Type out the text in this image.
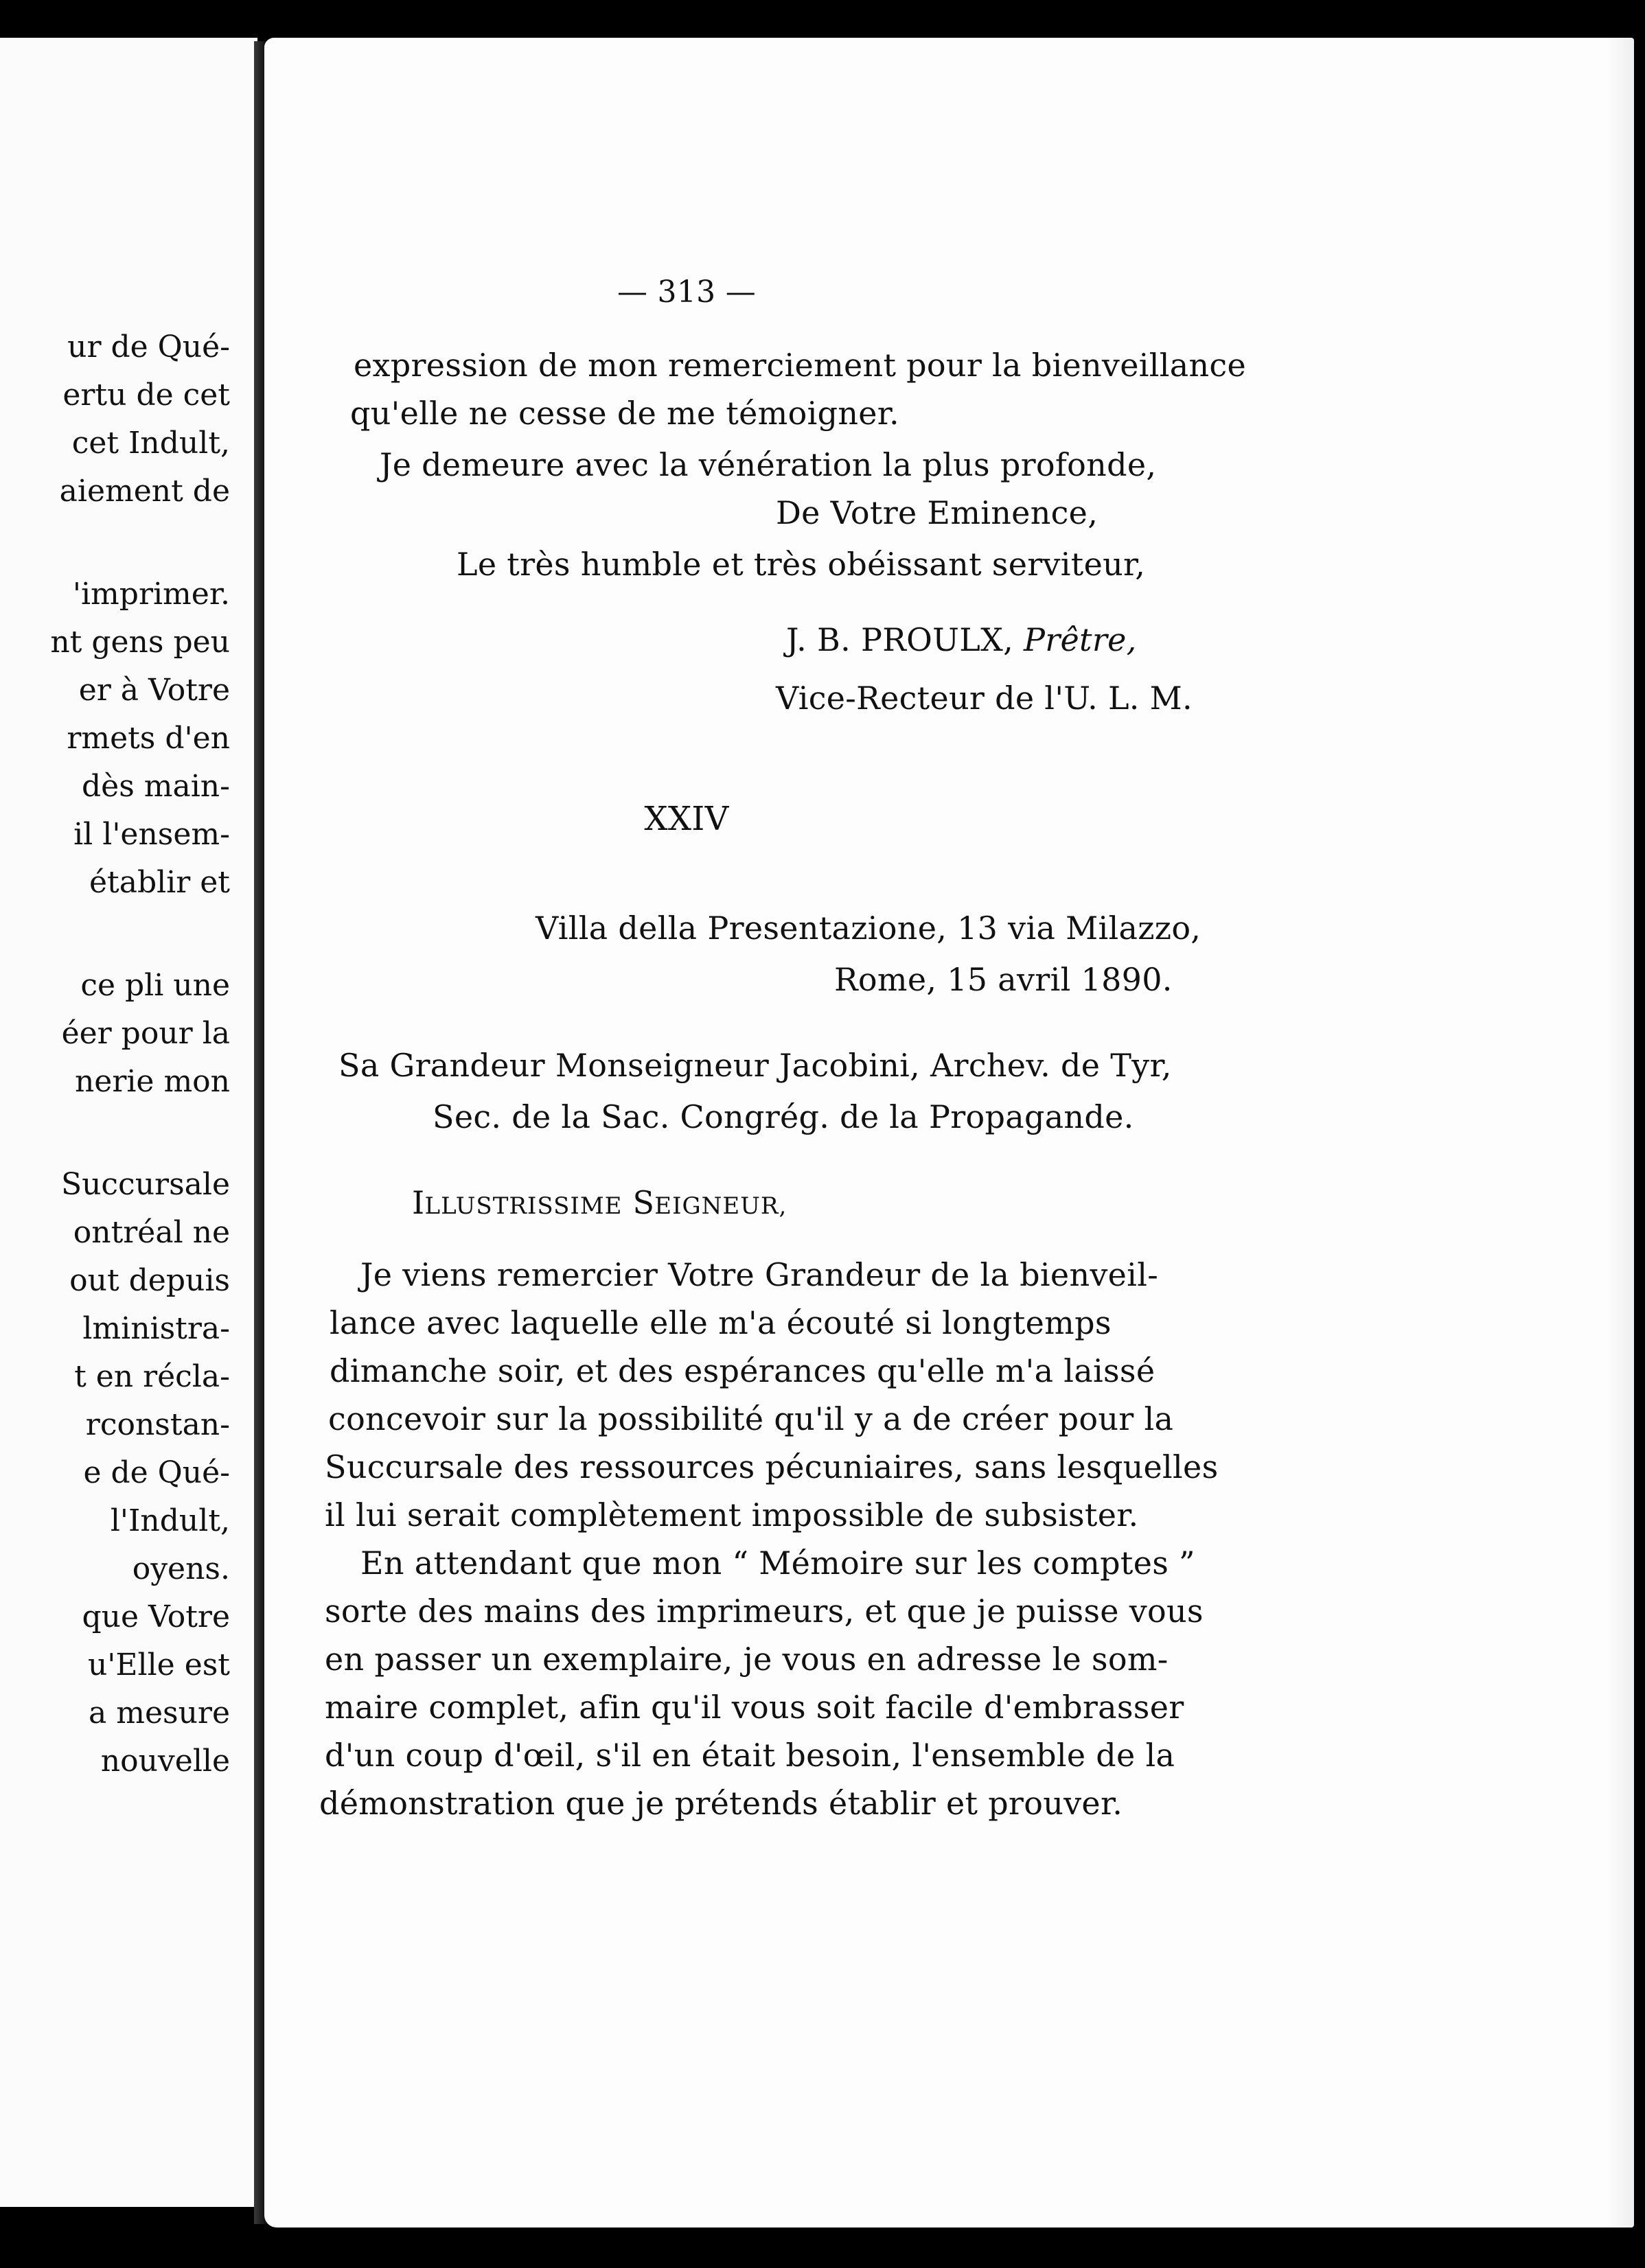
ur de Qué-
ertu de cet
cet Indult,
aiement de
'imprimer.
nt gens peu
er à Votre
rmets d'en
dès main-
il l'ensem-
établir et
ce pli une
éer pour la
nerie mon
Succursale
ontréal ne
out depuis
lministra-
t en récla-
rconstan-
e de Qué-
l'Indult,
oyens.
que Votre
u'Elle est
a mesure
nouvelle
— 313 —
expression de mon remerciement pour la bienveillance
qu'elle ne cesse de me témoigner.
Je demeure avec la vénération la plus profonde,
De Votre Eminence,
Le très humble et très obéissant serviteur,
J. B. PROULX, Prêtre,
Vice-Recteur de l'U. L. M.
XXIV
Villa della Presentazione, 13 via Milazzo,
Rome, 15 avril 1890.
Sa Grandeur Monseigneur Jacobini, Archev. de Tyr,
Sec. de la Sac. Congrég. de la Propagande.
ILLUSTRISSIME SEIGNEUR,
Je viens remercier Votre Grandeur de la bienveil-
lance avec laquelle elle m'a écouté si longtemps
dimanche soir, et des espérances qu'elle m'a laissé
concevoir sur la possibilité qu'il y a de créer pour la
Succursale des ressources pécuniaires, sans lesquelles
il lui serait complètement impossible de subsister.
En attendant que mon “ Mémoire sur les comptes ”
sorte des mains des imprimeurs, et que je puisse vous
en passer un exemplaire, je vous en adresse le som-
maire complet, afin qu'il vous soit facile d'embrasser
d'un coup d'œil, s'il en était besoin, l'ensemble de la
démonstration que je prétends établir et prouver.
